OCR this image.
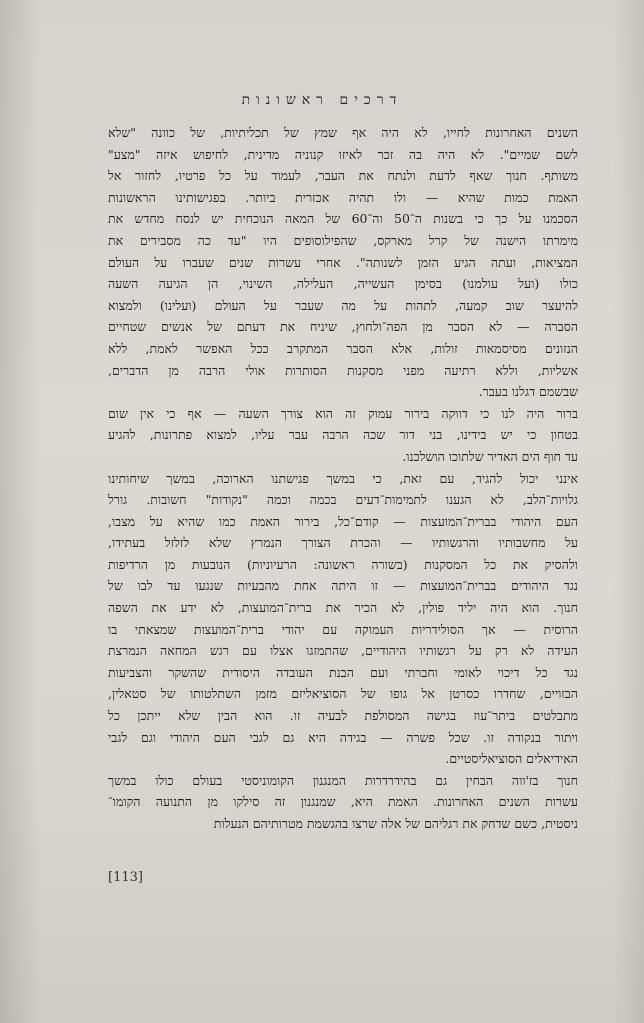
דרכים ראשונות
השנים האחרונות לחייו, לא היה אף שמץ של תכליתיות, של כוונה "שלא
לשם שמיים". לא היה בה זכר לאיזו קנוניה מדינית, לחיפוש איזה "מצע"
משותף. חנוך שאף לדעת ולנתח את העבר, לעמוד על כל פרטיו, לחזור אל
האמת כמות שהיא — ולו תהיה אכזרית ביותר. בפגישותינו הראשונות
הסכמנו על כך כי בשנות ה־50 וה־60 של המאה הנוכחית יש לנסח מחדש את
מימרתו הישנה של קרל מארקס, שהפילוסופים היו "עד כה מסבירים את
המציאות, ועתה הגיע הזמן לשנותה". אחרי עשרות שנים שעברו על העולם
כולו (ועל עולמנו) בסימן העשייה, העלילה, השינוי, הן הגיעה השעה
להיעצר שוב קמעה, לתהות על מה שעבר על העולם (ועלינו) ולמצוא
הסברה — לא הסבר מן הפה־ולחוץ, שיניח את דעתם של אנשים שטחיים
הנזונים מסיסמאות זולות, אלא הסבר המתקרב ככל האפשר לאמת, ללא
אשליות, וללא רתיעה מפני מסקנות הסותרות אולי הרבה מן הדברים,
שבשמם דגלנו בעבר.
ברור היה לנו כי דווקה בירור עמוק זה הוא צורך השעה — אף כי אין שום
בטחון כי יש בידינו, בני דור שכה הרבה עבר עליו, למצוא פתרונות, להגיע
עד חוף הים האדיר שלתוכו הושלכנו.
אינני יכול להגיד, עם זאת, כי במשך פגישתנו הארוכה, במשך שיחותינו
גלויות־הלב, לא הגענו לתמימות־דעים בכמה וכמה "נקודות" חשובות. גורל
העם היהודי בברית־המועצות — קודם־כל, בירור האמת כמו שהיא על מצבו,
על מחשבותיו והרגשותיו — והכרת הצורך הנמרץ שלא לזלזל בעתידו,
ולהסיק את כל המסקנות (בשורה ראשונה: הרעיוניות) הנובעות מן הרדיפות
נגד היהודים בברית־המועצות — זו היתה אחת מהבעיות שנגעו עד לבו של
חנוך. הוא היה יליד פולין, לא הכיר את ברית־המועצות, לא ידע את השפה
הרוסית — אך הסולידריות העמוקה עם יהודי ברית־המועצות שמצאתי בו
העידה לא רק על רגשותיו היהודיים, שהתמזגו אצלו עם רגש המחאה הנמרצת
נגד כל דיכוי לאומי וחברתי ועם הבנת העובדה היסודית שהשקר והצביעות
הבזויים, שחדרו כסרטן אל גופו של הסוציאליזם מזמן השתלטותו של סטאלין,
מתבלטים ביתר־עוז בגישה המסולפת לבעיה זו. הוא הבין שלא ייתכן כל
ויתור בנקודה זו. שכל פשרה — בגידה היא גם לגבי העם היהודי וגם לגבי
האידיאלים הסוציאליסטיים.
חנוך בז'ווה הבחין גם בהידרדרות המנגנון הקומוניסטי בעולם כולו במשך
עשרות השנים האחרונות. האמת היא, שמנגנון זה סילקו מן התנועה הקומו־
ניסטית, כשם שדחק את רגליהם של אלה שרצו בהגשמת מטרותיהם הנעלות
[113]
